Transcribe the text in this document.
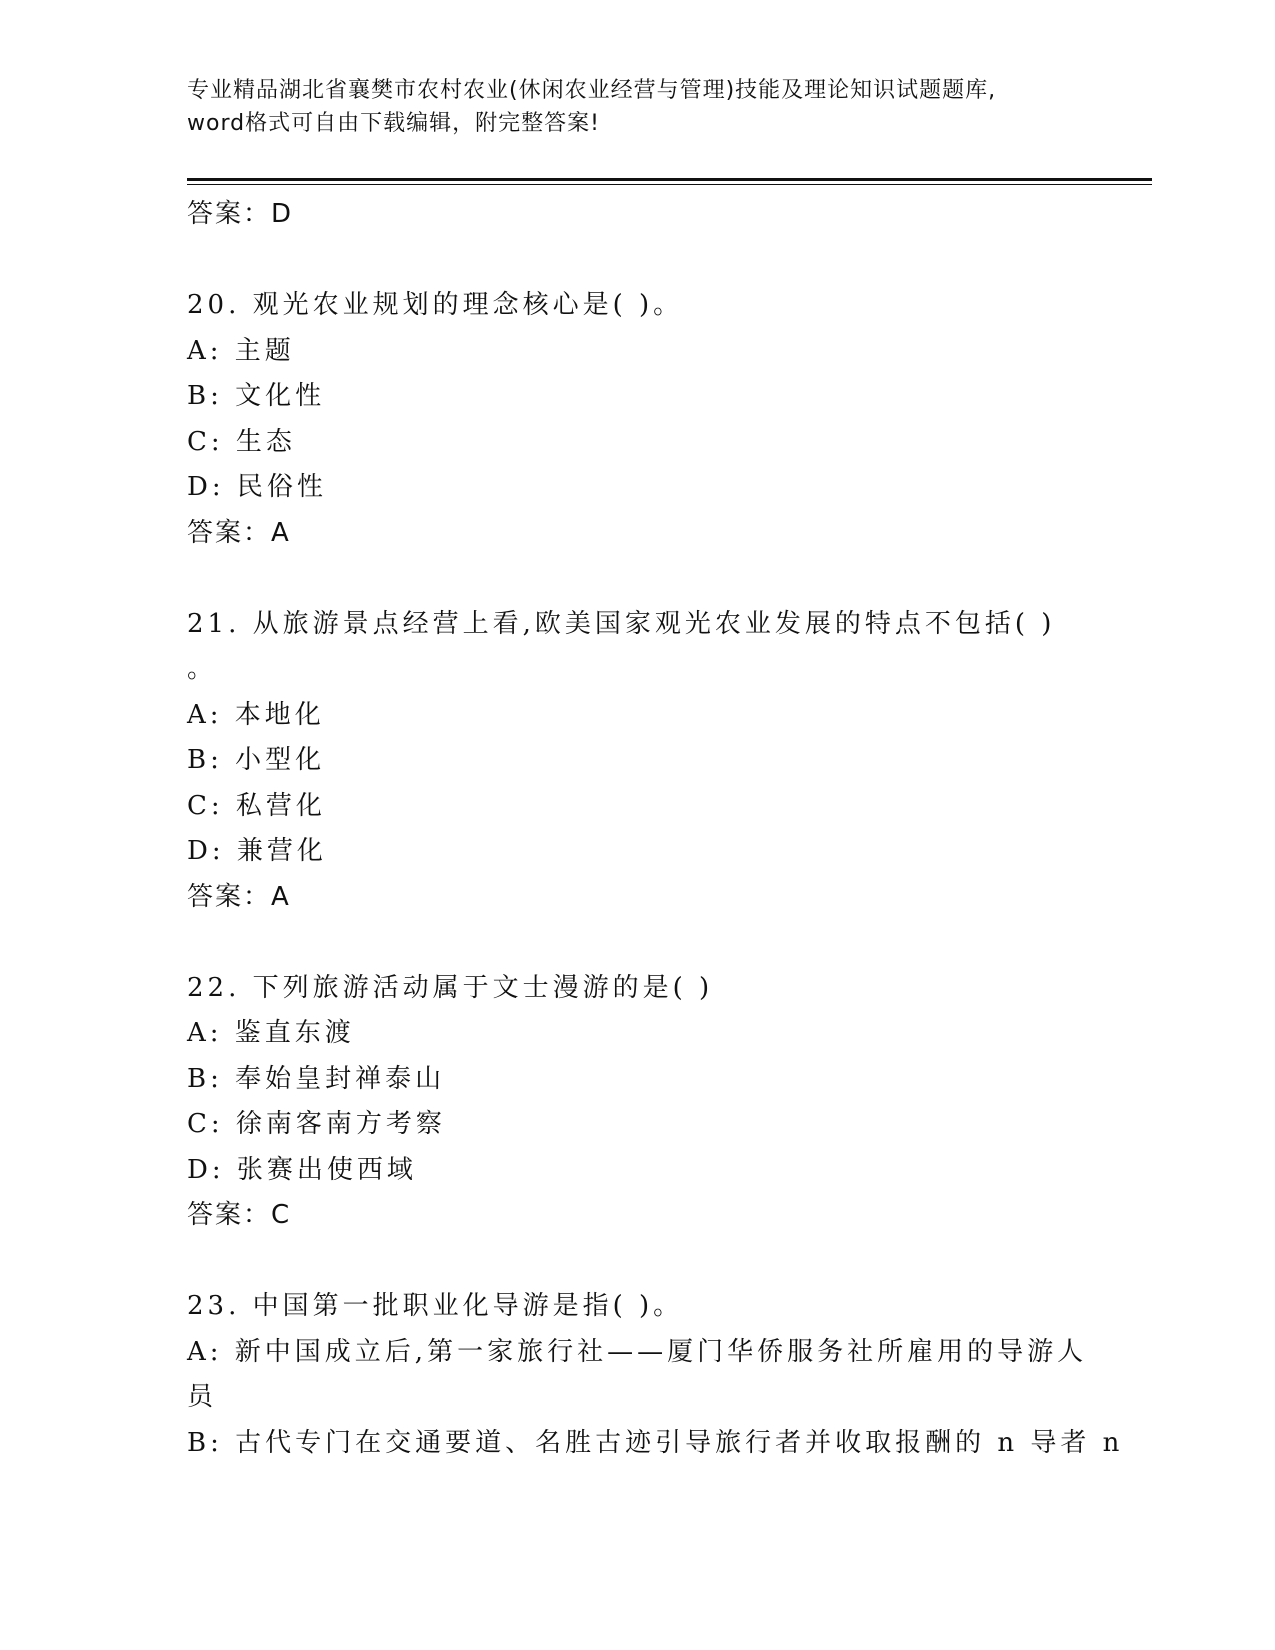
专业精品湖北省襄樊市农村农业(休闲农业经营与管理)技能及理论知识试题题库,
word格式可自由下载编辑，附完整答案!
答案：D
20. 观光农业规划的理念核心是( )。
A: 主题
B: 文化性
C: 生态
D: 民俗性
答案：A
21. 从旅游景点经营上看,欧美国家观光农业发展的特点不包括( )
。
A: 本地化
B: 小型化
C: 私营化
D: 兼营化
答案：A
22. 下列旅游活动属于文士漫游的是( )
A: 鉴直东渡
B: 奉始皇封禅泰山
C: 徐南客南方考察
D: 张赛出使西域
答案：C
23. 中国第一批职业化导游是指( )。
A: 新中国成立后,第一家旅行社——厦门华侨服务社所雇用的导游人
员
B: 古代专门在交通要道、名胜古迹引导旅行者并收取报酬的 n 导者 n
